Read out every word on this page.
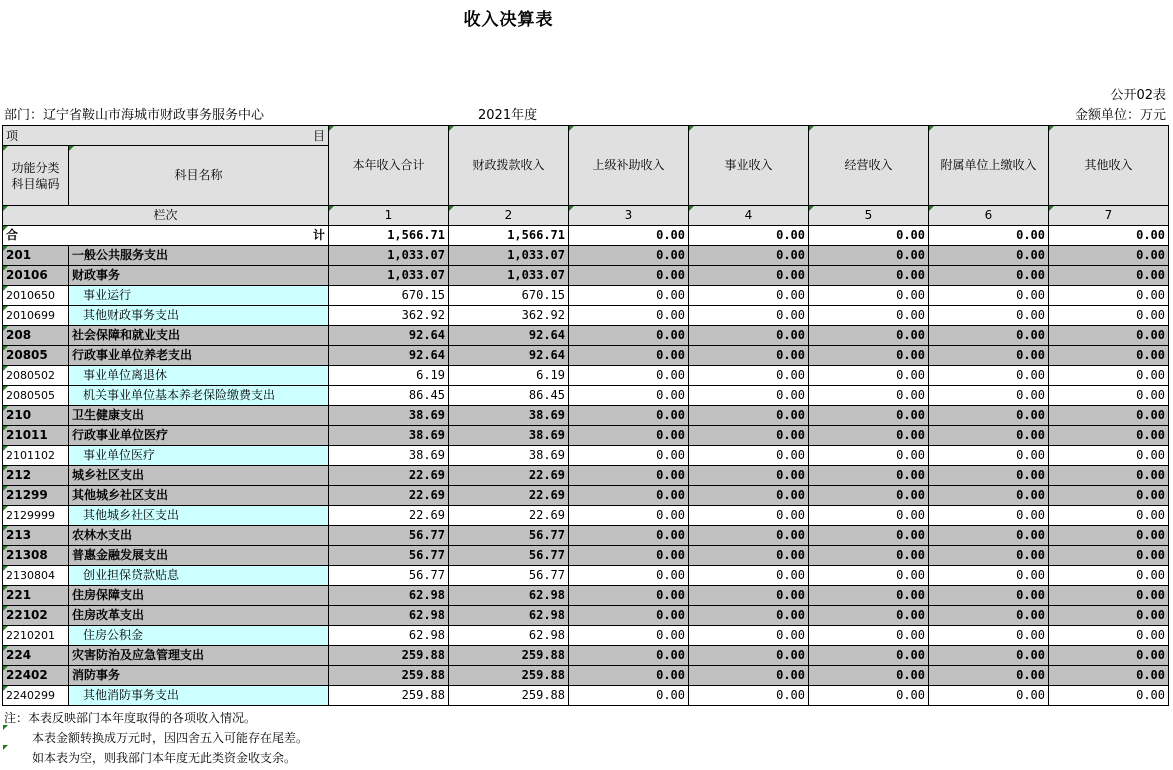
收入决算表
公开02表
部门：辽宁省鞍山市海城市财政事务服务中心	2021年度	金额单位：万元
项 目		本年收入合计	财政拨款收入	上级补助收入	事业收入	经营收入	附属单位上缴收入	其他收入
功能分类
科目编码	科目名称							
栏次		1	2	3	4	5	6	7

合 计		1,566.71	1,566.71	0.00	0.00	0.00	0.00	0.00
201	一般公共服务支出	1,033.07	1,033.07	0.00	0.00	0.00	0.00	0.00
20106	财政事务	1,033.07	1,033.07	0.00	0.00	0.00	0.00	0.00
2010650	事业运行	670.15	670.15	0.00	0.00	0.00	0.00	0.00
2010699	其他财政事务支出	362.92	362.92	0.00	0.00	0.00	0.00	0.00
208	社会保障和就业支出	92.64	92.64	0.00	0.00	0.00	0.00	0.00
20805	行政事业单位养老支出	92.64	92.64	0.00	0.00	0.00	0.00	0.00
2080502	事业单位离退休	6.19	6.19	0.00	0.00	0.00	0.00	0.00
2080505	机关事业单位基本养老保险缴费支出	86.45	86.45	0.00	0.00	0.00	0.00	0.00
210	卫生健康支出	38.69	38.69	0.00	0.00	0.00	0.00	0.00
21011	行政事业单位医疗	38.69	38.69	0.00	0.00	0.00	0.00	0.00
2101102	事业单位医疗	38.69	38.69	0.00	0.00	0.00	0.00	0.00
212	城乡社区支出	22.69	22.69	0.00	0.00	0.00	0.00	0.00
21299	其他城乡社区支出	22.69	22.69	0.00	0.00	0.00	0.00	0.00
2129999	其他城乡社区支出	22.69	22.69	0.00	0.00	0.00	0.00	0.00
213	农林水支出	56.77	56.77	0.00	0.00	0.00	0.00	0.00
21308	普惠金融发展支出	56.77	56.77	0.00	0.00	0.00	0.00	0.00
2130804	创业担保贷款贴息	56.77	56.77	0.00	0.00	0.00	0.00	0.00
221	住房保障支出	62.98	62.98	0.00	0.00	0.00	0.00	0.00
22102	住房改革支出	62.98	62.98	0.00	0.00	0.00	0.00	0.00
2210201	住房公积金	62.98	62.98	0.00	0.00	0.00	0.00	0.00
224	灾害防治及应急管理支出	259.88	259.88	0.00	0.00	0.00	0.00	0.00
22402	消防事务	259.88	259.88	0.00	0.00	0.00	0.00	0.00
2240299	其他消防事务支出	259.88	259.88	0.00	0.00	0.00	0.00	0.00
注：本表反映部门本年度取得的各项收入情况。
本表金额转换成万元时，因四舍五入可能存在尾差。
如本表为空，则我部门本年度无此类资金收支余。
